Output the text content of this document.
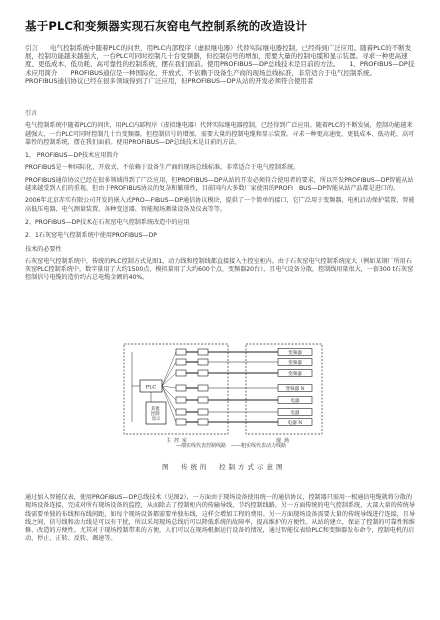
基于PLC和变频器实现石灰窑电气控制系统的改造设计
引言 电气控制系统中随着PLC的问世，用PLC内部程序（虚拟继电器）代替实际继电器控制，已经得到广泛应用。随着PLC的不断发展，控制功能越来越强大，一台PLC可同时控制几十台变频器，但控制信号的增加，需要大量的控制电缆和显示装置。寻求一种更高速度、更低成本、低功耗、高可靠性的控制系统，摆在我们面前。使用PROFIBUS—DP总线技术是目前的方法。　　1、PROFIBUS—DP技术应用简介　　PROFIBUS通信是一种国际化、开放式、不依赖于设备生产商的现场总线标准，非常适合于电气控制系统。　　PROFIBUS通信协议已经在很多领域得到了广泛应用，但PROFIBUS—DP从站的开发必须符合使用者

引言

电气控制系统中随着PLC的问世，用PLC内部程序（虚拟继电器）代替实际继电器控制，已经得到广泛应用。随着PLC的不断发展，控制功能越来越强大，一台PLC可同时控制几十台变频器，但控制信号的增加，需要大量的控制电缆和显示装置。寻求一种更高速度、更低成本、低功耗、高可靠性的控制系统，摆在我们面前。使用PROFIBUS—DP总线技术是目前的方法。

1、 PROFIBUS—DP技术应用简介

PROFIBUS是一种国际化、开放式、不依赖于设备生产商的现场总线标准，非常适合于电气控制系统。

PROFIBUS通信协议已经在很多领域得到了广泛应用，但PROFIBUS—DP从站的开发必须符合使用者的要求，所以开发PROFIBUS—DP智能从站越来越受到人们的重视，但由于PROFIBUS协议的复杂和繁琐性，目前国内大多数厂家使用的PROFI　BUS—DP智能从站产品都是进口的。

2006年北京赤实有限公司开发的嵌入式PRO—FIBUS—DP通信协议模块，提供了一个简单的接口，它广泛用于变频器、电机启动保护装置、智能高低压电器、电气测量装置、各种变送器、智能现场测量设备及仪表等等。

2、PROFIBUS—DP技术在石灰窑电气控制系统改造中的应用

2．1石灰窑电气控制系统中使用PROFIBUS—DP

技术的必要性

石灰窑电气控制系统中，传统的PLC控制方式见图1，动力线和控制线都直接接入主控室柜内。由于石灰窑电气控制系统庞大（例如某钢厂所用石灰窑PLC控制系统中，数字量用了大约1500点，模拟量用了大约600个点，变频器20台），且电气设备分散，控制线用量很大，一套300 t石灰窑控制信号电缆的造价约占总电缆金额的40%。

PLC
其他 控制 显示
变频器
变频器
变频器
变频器 N
电器
电器
电器 N
主控室	现场
—细实线代表控制线路　——粗实线代表动力线路
图　传统的　控制方式示意图

通过加入智能仪表，使用PROFIBUS—DP总线技术（见图2），一方面由于现场设备使用统一的通信协议，控制器只需用一根通信电缆就将分散的现场设备连接，完成对所有现场设备的监控，从而除去了控制柜内的传输导线，节约控制线路。另一方面传统的电气控制系统，大部大量的传统导线需要单独的布线和布线间距，如每个现场设备都需要单独布线，这样会增加工程的费用。另一方面现场设备需要大量的传统导线进行连接，且导线之间，信号线和动力线是可以有干扰，所以采用现场总线后可以降低系统的故障率，提高维护的方便性。从站的建立，保证了控制的可靠性和维修、改造的方便性。尤其对于现场控制带来的方便，人们可以在现场根据运行设备的情况，通过智能仪表给PLC和变频器发布命令，控制电机的启动、停止、正转、反转、调速等。
